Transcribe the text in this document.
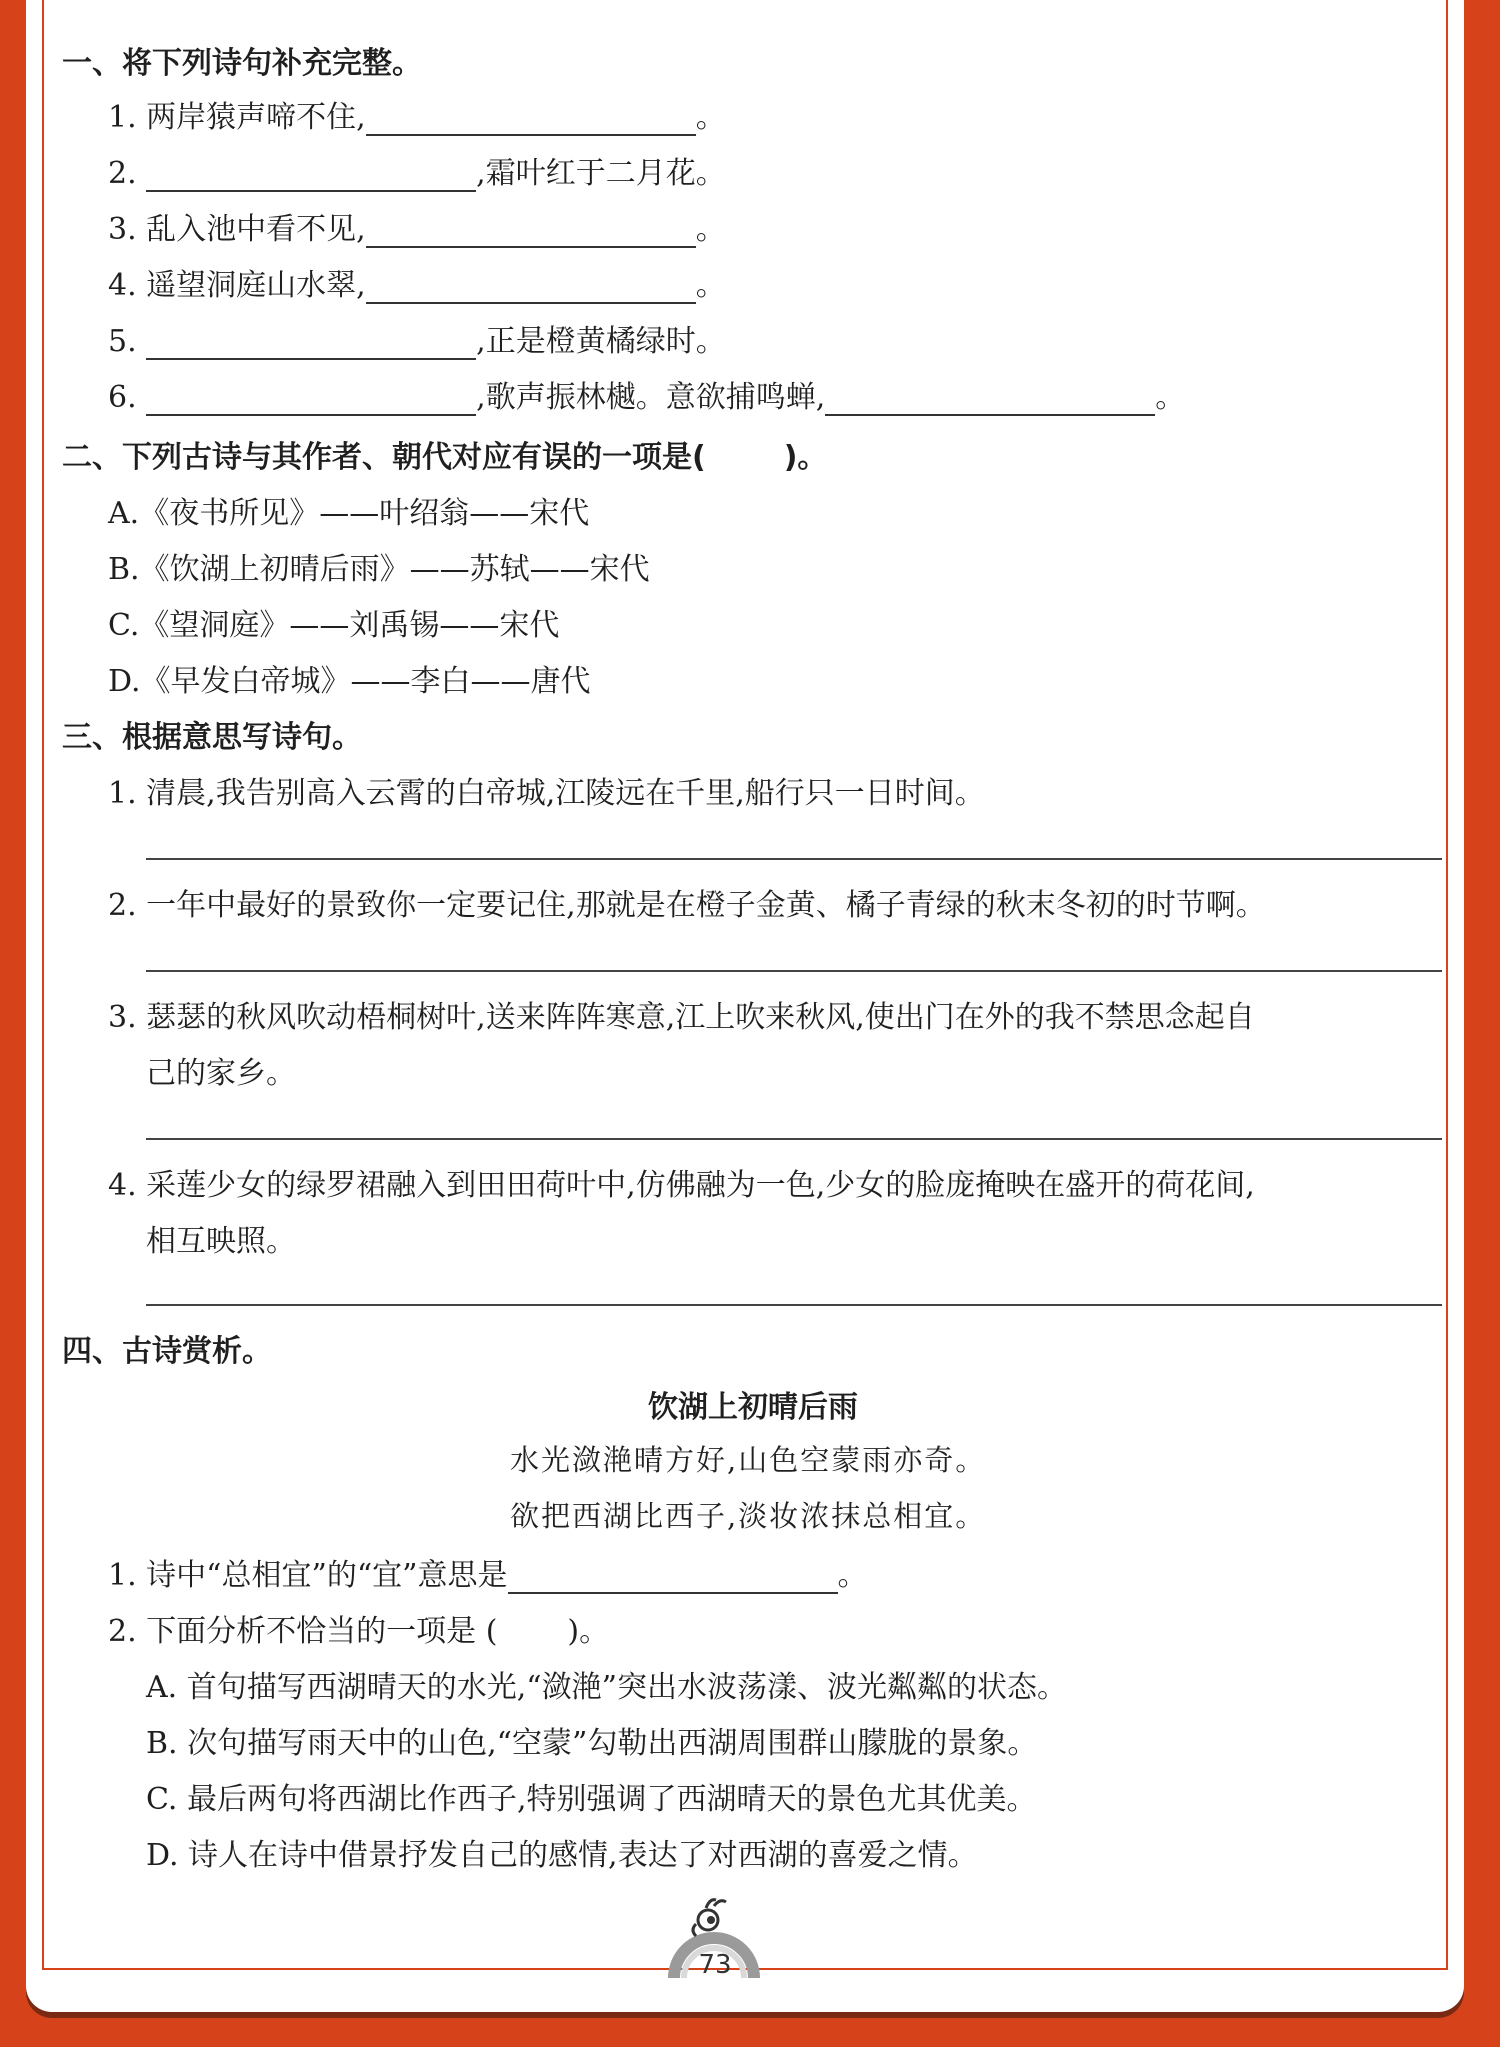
一、将下列诗句补充完整。
1. 两岸猿声啼不住,	。
2.	,霜叶红于二月花。
3. 乱入池中看不见,	。
4. 遥望洞庭山水翠,	。
5.	,正是橙黄橘绿时。
6.	,歌声振林樾。意欲捕鸣蝉,	。
二、下列古诗与其作者、朝代对应有误的一项是(	)。
A.《夜书所见》——叶绍翁——宋代
B.《饮湖上初晴后雨》——苏轼——宋代
C.《望洞庭》——刘禹锡——宋代
D.《早发白帝城》——李白——唐代
三、根据意思写诗句。
1. 清晨,我告别高入云霄的白帝城,江陵远在千里,船行只一日时间。
2. 一年中最好的景致你一定要记住,那就是在橙子金黄、橘子青绿的秋末冬初的时节啊。
3. 瑟瑟的秋风吹动梧桐树叶,送来阵阵寒意,江上吹来秋风,使出门在外的我不禁思念起自
己的家乡。
4. 采莲少女的绿罗裙融入到田田荷叶中,仿佛融为一色,少女的脸庞掩映在盛开的荷花间,
相互映照。
四、古诗赏析。
饮湖上初晴后雨
水光潋滟晴方好,山色空蒙雨亦奇。
欲把西湖比西子,淡妆浓抹总相宜。
1. 诗中“总相宜”的“宜”意思是	。
2. 下面分析不恰当的一项是 ( )。
A. 首句描写西湖晴天的水光,“潋滟”突出水波荡漾、波光粼粼的状态。
B. 次句描写雨天中的山色,“空蒙”勾勒出西湖周围群山朦胧的景象。
C. 最后两句将西湖比作西子,特别强调了西湖晴天的景色尤其优美。
D. 诗人在诗中借景抒发自己的感情,表达了对西湖的喜爱之情。
73
